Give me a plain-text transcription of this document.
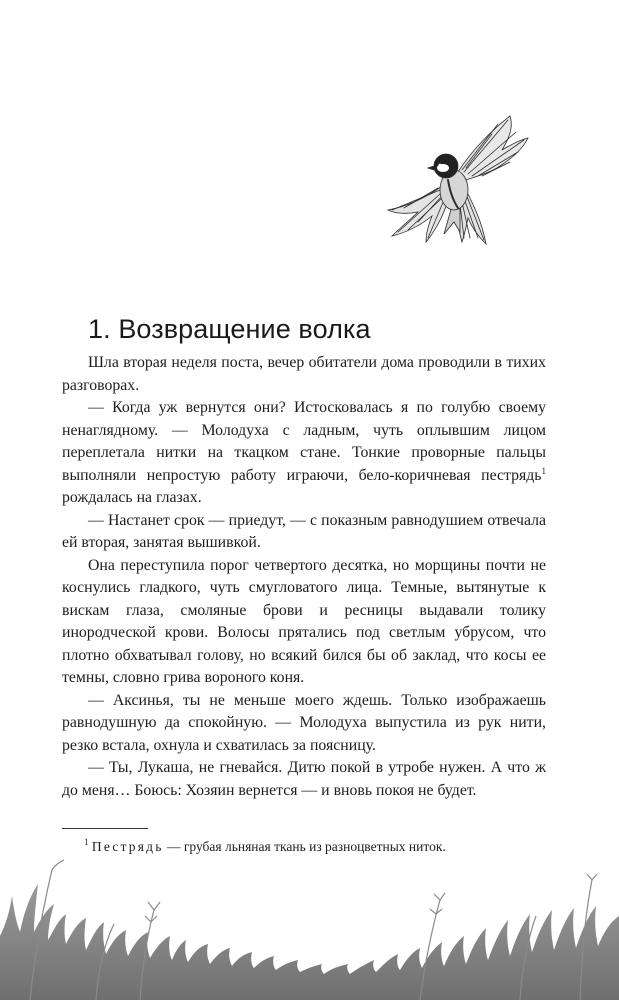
1. Возвращение волка

Шла вторая неделя поста, вечер обитатели дома проводили в тихих разговорах.

— Когда уж вернутся они? Истосковалась я по голубю своему ненаглядному. — Молодуха с ладным, чуть оплывшим лицом переплетала нитки на ткацком стане. Тонкие проворные пальцы выполняли непростую работу играючи, бело-коричневая пестрядь$^1$ рождалась на глазах.

— Настанет срок — приедут, — с показным равнодушием отвечала ей вторая, занятая вышивкой.

Она переступила порог четвертого десятка, но морщины почти не коснулись гладкого, чуть смугловатого лица. Темные, вытянутые к вискам глаза, смоляные брови и ресницы выдавали толику инородческой крови. Волосы прятались под светлым убрусом, что плотно обхватывал голову, но всякий бился бы об заклад, что косы ее темны, словно грива вороного коня.

— Аксинья, ты не меньше моего ждешь. Только изображаешь равнодушную да спокойную. — Молодуха выпустила из рук нити, резко встала, охнула и схватилась за поясницу.

— Ты, Лукаша, не гневайся. Дитю покой в утробе нужен. А что ж до меня… Боюсь: Хозяин вернется — и вновь покоя не будет.

$^1$ Пестрядь — грубая льняная ткань из разноцветных ниток.
